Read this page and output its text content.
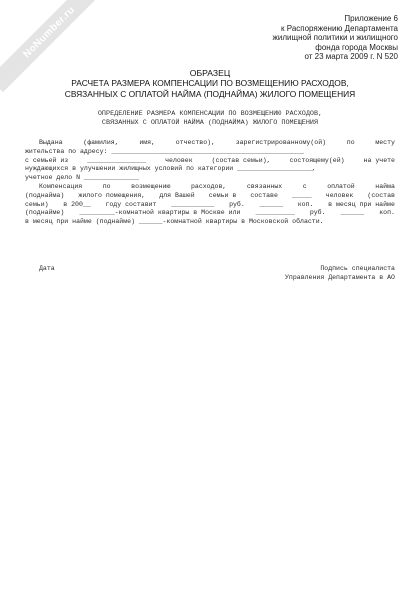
NoNumber.ru	Приложение 6
к Распоряжению Департамента
жилищной политики и жилищного
фонда города Москвы
от 23 марта 2009 г. N 520
ОБРАЗЕЦ
РАСЧЕТА РАЗМЕРА КОМПЕНСАЦИИ ПО ВОЗМЕЩЕНИЮ РАСХОДОВ,
СВЯЗАННЫХ С ОПЛАТОЙ НАЙМА (ПОДНАЙМА) ЖИЛОГО ПОМЕЩЕНИЯ
ОПРЕДЕЛЕНИЕ РАЗМЕРА КОМПЕНСАЦИИ ПО ВОЗМЕЩЕНИЮ РАСХОДОВ,
СВЯЗАННЫХ С ОПЛАТОЙ НАЙМА (ПОДНАЙМА) ЖИЛОГО ПОМЕЩЕНИЯ
Выдана	(фамилия,	имя,	отчество),	зарегистрированному(ой)	по	месту
жительства по адресу: _________________________________________________
с семьей из	_______________	человек	(состав семьи),	состоящему(ей)	на учете
нуждающихся в улучшении жилищных условий по категории ___________________,
учетное дело N ______________
Компенсация	по	возмещению	расходов,	связанных	с	оплатой	найма
(поднайма) жилого помещения, для Вашей семьи в составе _____ человек (состав
семьи) в 200__ году составит ___________ руб. ______ коп. в месяц при найме
(поднайме) _________-комнатной квартиры в Москве или __________ руб. ______ коп.
в месяц при найме (поднайме) ______-комнатной квартиры в Московской области.
Дата	Подпись специалиста
Управления Департамента в АО
